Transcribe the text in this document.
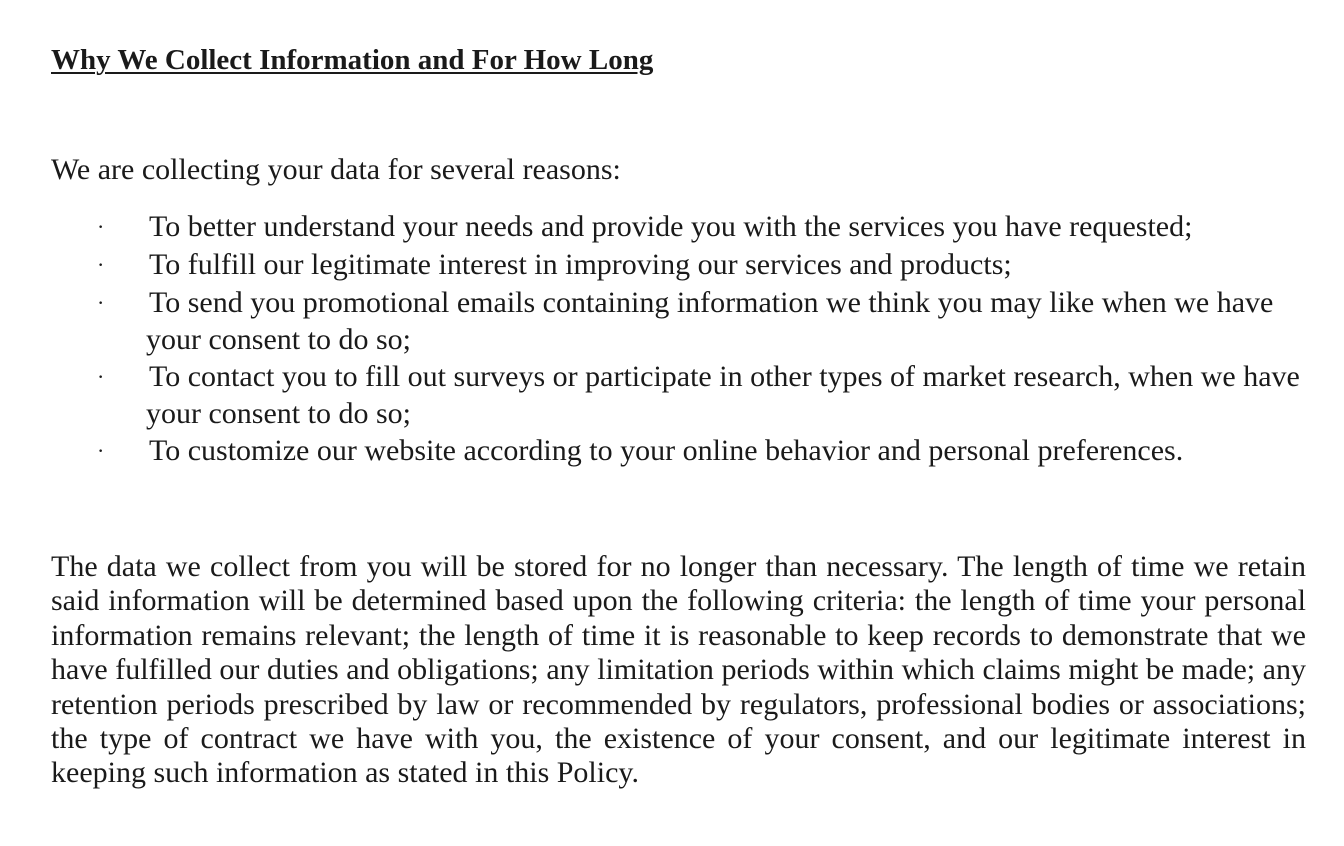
Why We Collect Information and For How Long

We are collecting your data for several reasons:

· To better understand your needs and provide you with the services you have requested;
· To fulfill our legitimate interest in improving our services and products;
· To send you promotional emails containing information we think you may like when we have your consent to do so;
· To contact you to fill out surveys or participate in other types of market research, when we have your consent to do so;
· To customize our website according to your online behavior and personal preferences.

The data we collect from you will be stored for no longer than necessary. The length of time we retain said information will be determined based upon the following criteria: the length of time your personal information remains relevant; the length of time it is reasonable to keep records to demonstrate that we have fulfilled our duties and obligations; any limitation periods within which claims might be made; any retention periods prescribed by law or recommended by regulators, professional bodies or associations; the type of contract we have with you, the existence of your consent, and our legitimate interest in keeping such information as stated in this Policy.
